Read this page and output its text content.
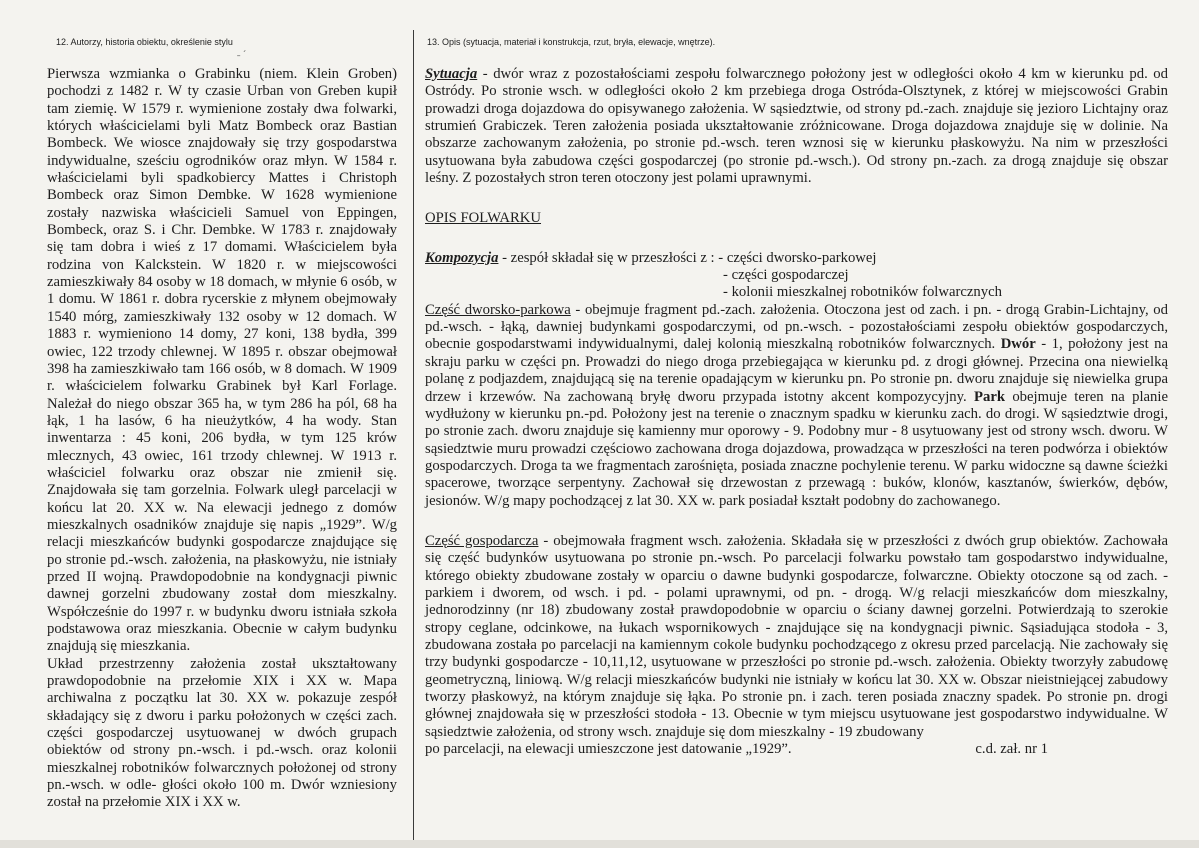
12. Autorzy, historia obiektu, określenie stylu	13. Opis (sytuacja, materiał i konstrukcja, rzut, bryła, elewacje, wnętrze).
˗ ˊ

Pierwsza wzmianka o Grabinku (niem. Klein Groben) pochodzi z 1482 r. W ty czasie Urban von Greben kupił tam ziemię. W 1579 r. wymienione zostały dwa folwarki, których właścicielami byli Matz Bombeck oraz Bastian Bombeck. We wiosce znajdowały się trzy gospodarstwa indywidualne, sześciu ogrodników oraz młyn. W 1584 r. właścicielami byli spadkobiercy Mattes i Christoph Bombeck oraz Simon Dembke. W 1628 wymienione zostały nazwiska właścicieli Samuel von Eppingen, Bombeck, oraz S. i Chr. Dembke. W 1783 r. znajdowały się tam dobra i wieś z 17 domami. Właścicielem była rodzina von Kalckstein. W 1820 r. w miejscowości zamieszkiwały 84 osoby w 18 domach, w młynie 6 osób, w 1 domu. W 1861 r. dobra rycerskie z młynem obejmowały 1540 mórg, zamieszkiwały 132 osoby w 12 domach. W 1883 r. wymieniono 14 domy, 27 koni, 138 bydła, 399 owiec, 122 trzody chlewnej. W 1895 r. obszar obejmował 398 ha zamieszkiwało tam 166 osób, w 8 domach. W 1909 r. właścicielem folwarku Grabinek był Karl Forlage. Należał do niego obszar 365 ha, w tym 286 ha pól, 68 ha łąk, 1 ha lasów, 6 ha nieużytków, 4 ha wody. Stan inwentarza : 45 koni, 206 bydła, w tym 125 krów mlecznych, 43 owiec, 161 trzody chlewnej. W 1913 r. właściciel folwarku oraz obszar nie zmienił się. Znajdowała się tam gorzelnia. Folwark uległ parcelacji w końcu lat 20. XX w. Na elewacji jednego z domów mieszkalnych osadników znajduje się napis „1929”. W/g relacji mieszkańców budynki gospodarcze znajdujące się po stronie pd.-wsch. założenia, na płaskowyżu, nie istniały przed II wojną. Prawdopodobnie na kondygnacji piwnic dawnej gorzelni zbudowany został dom mieszkalny. Współcześnie do 1997 r. w budynku dworu istniała szkoła podstawowa oraz mieszkania. Obecnie w całym budynku znajdują się mieszkania.

Układ przestrzenny założenia został ukształtowany prawdopodobnie na przełomie XIX i XX w. Mapa archiwalna z początku lat 30. XX w. pokazuje zespół składający się z dworu i parku położonych w części zach. części gospodarczej usytuowanej w dwóch grupach obiektów od strony pn.-wsch. i pd.-wsch. oraz kolonii mieszkalnej robotników folwarcznych położonej od strony pn.-wsch. w odle- głości około 100 m. Dwór wzniesiony został na przełomie XIX i XX w.

Sytuacja - dwór wraz z pozostałościami zespołu folwarcznego położony jest w odległości około 4 km w kierunku pd. od Ostródy. Po stronie wsch. w odległości około 2 km przebiega droga Ostróda-Olsztynek, z której w miejscowości Grabin prowadzi droga dojazdowa do opisywanego założenia. W sąsiedztwie, od strony pd.-zach. znajduje się jezioro Lichtajny oraz strumień Grabiczek. Teren założenia posiada ukształtowanie zróżnicowane. Droga dojazdowa znajduje się w dolinie. Na obszarze zachowanym założenia, po stronie pd.-wsch. teren wznosi się w kierunku płaskowyżu. Na nim w przeszłości usytuowana była zabudowa części gospodarczej (po stronie pd.-wsch.). Od strony pn.-zach. za drogą znajduje się obszar leśny. Z pozostałych stron teren otoczony jest polami uprawnymi.

OPIS FOLWARKU

Kompozycja - zespół składał się w przeszłości z : - części dworsko-parkowej

- części gospodarczej

- kolonii mieszkalnej robotników folwarcznych

Część dworsko-parkowa - obejmuje fragment pd.-zach. założenia. Otoczona jest od zach. i pn. - drogą Grabin-Lichtajny, od pd.-wsch. - łąką, dawniej budynkami gospodarczymi, od pn.-wsch. - pozostałościami zespołu obiektów gospodarczych, obecnie gospodarstwami indywidualnymi, dalej kolonią mieszkalną robotników folwarcznych. Dwór - 1, położony jest na skraju parku w części pn. Prowadzi do niego droga przebiegająca w kierunku pd. z drogi głównej. Przecina ona niewielką polanę z podjazdem, znajdującą się na terenie opadającym w kierunku pn. Po stronie pn. dworu znajduje się niewielka grupa drzew i krzewów. Na zachowaną bryłę dworu przypada istotny akcent kompozycyjny. Park obejmuje teren na planie wydłużony w kierunku pn.-pd. Położony jest na terenie o znacznym spadku w kierunku zach. do drogi. W sąsiedztwie drogi, po stronie zach. dworu znajduje się kamienny mur oporowy - 9. Podobny mur - 8 usytuowany jest od strony wsch. dworu. W sąsiedztwie muru prowadzi częściowo zachowana droga dojazdowa, prowadząca w przeszłości na teren podwórza i obiektów gospodarczych. Droga ta we fragmentach zarośnięta, posiada znaczne pochylenie terenu. W parku widoczne są dawne ścieżki spacerowe, tworzące serpentyny. Zachował się drzewostan z przewagą : buków, klonów, kasztanów, świerków, dębów, jesionów. W/g mapy pochodzącej z lat 30. XX w. park posiadał kształt podobny do zachowanego.

Część gospodarcza - obejmowała fragment wsch. założenia. Składała się w przeszłości z dwóch grup obiektów. Zachowała się część budynków usytuowana po stronie pn.-wsch. Po parcelacji folwarku powstało tam gospodarstwo indywidualne, którego obiekty zbudowane zostały w oparciu o dawne budynki gospodarcze, folwarczne. Obiekty otoczone są od zach. - parkiem i dworem, od wsch. i pd. - polami uprawnymi, od pn. - drogą. W/g relacji mieszkańców dom mieszkalny, jednorodzinny (nr 18) zbudowany został prawdopodobnie w oparciu o ściany dawnej gorzelni. Potwierdzają to szerokie stropy ceglane, odcinkowe, na łukach wspornikowych - znajdujące się na kondygnacji piwnic. Sąsiadująca stodoła - 3, zbudowana została po parcelacji na kamiennym cokole budynku pochodzącego z okresu przed parcelacją. Nie zachowały się trzy budynki gospodarcze - 10,11,12, usytuowane w przeszłości po stronie pd.-wsch. założenia. Obiekty tworzyły zabudowę geometryczną, liniową. W/g relacji mieszkańców budynki nie istniały w końcu lat 30. XX w. Obszar nieistniejącej zabudowy tworzy płaskowyż, na którym znajduje się łąka. Po stronie pn. i zach. teren posiada znaczny spadek. Po stronie pn. drogi głównej znajdowała się w przeszłości stodoła - 13. Obecnie w tym miejscu usytuowane jest gospodarstwo indywidualne. W sąsiedztwie założenia, od strony wsch. znajduje się dom mieszkalny - 19 zbudowany

po parcelacji, na elewacji umieszczone jest datowanie „1929”.	c.d. zał. nr 1
